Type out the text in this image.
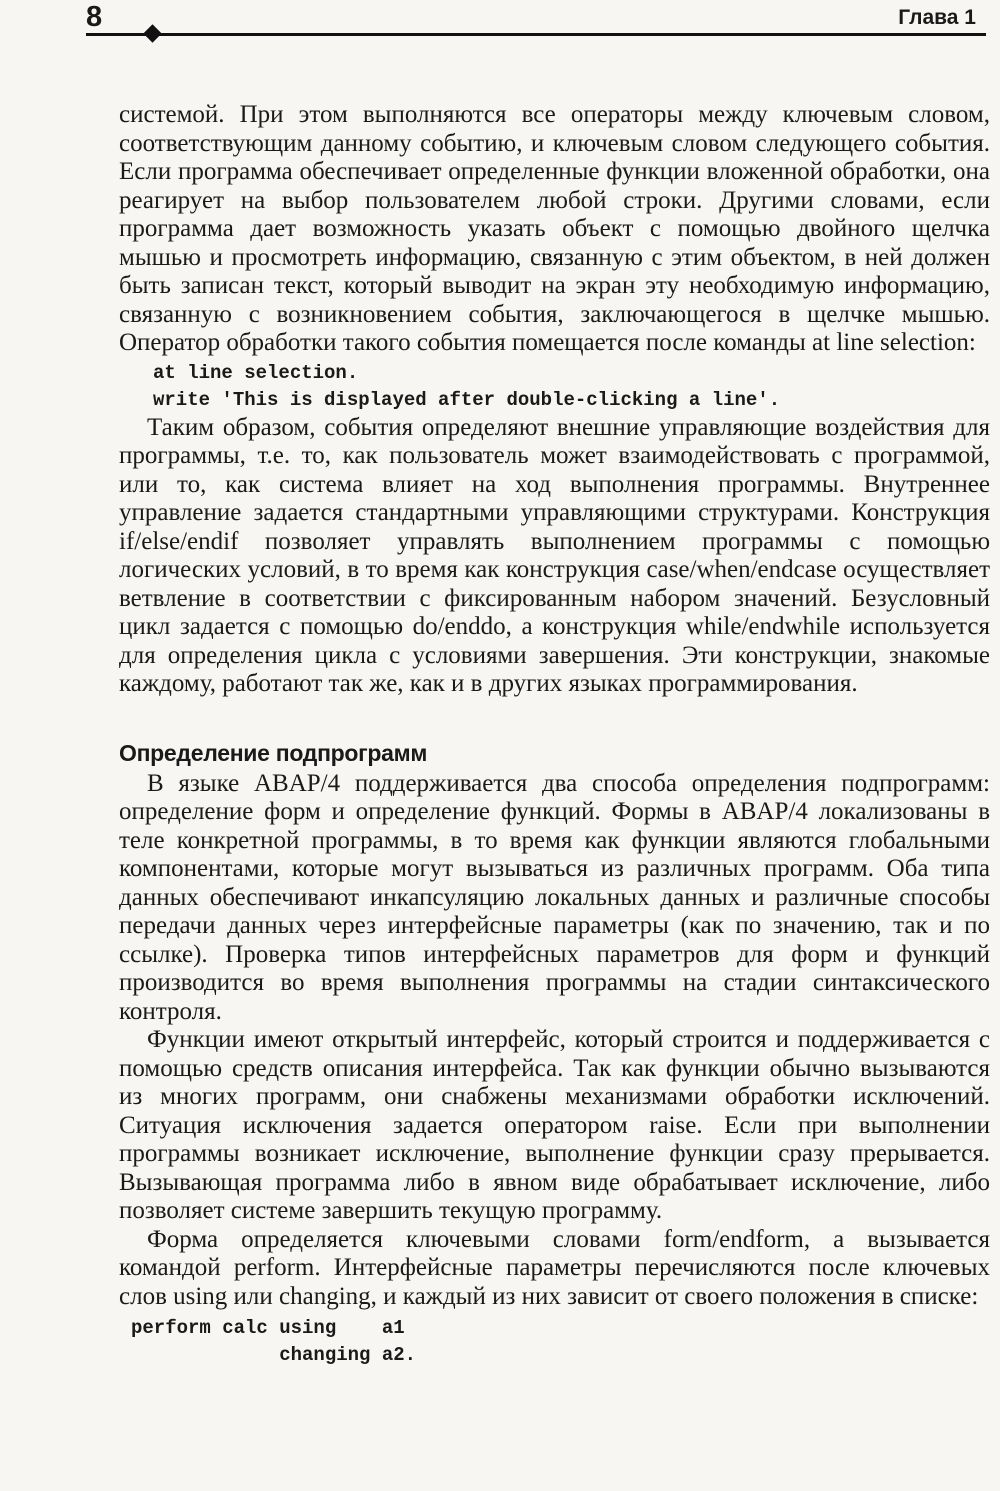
8	Глава 1

системой. При этом выполняются все операторы между ключевым словом, соответствующим данному событию, и ключевым словом следующего события. Если программа обеспечивает определенные функции вложенной обработки, она реагирует на выбор пользователем любой строки. Другими словами, если программа дает возможность указать объект с помощью двойного щелчка мышью и просмотреть информацию, связанную с этим объектом, в ней должен быть записан текст, который выводит на экран эту необходимую информацию, связанную с возникновением события, заключающегося в щелчке мышью. Оператор обработки такого события помещается после команды at line selection:

at line selection.
write 'This is displayed after double-clicking a line'.

Таким образом, события определяют внешние управляющие воздействия для программы, т.е. то, как пользователь может взаимодействовать с программой, или то, как система влияет на ход выполнения программы. Внутреннее управление задается стандартными управляющими структурами. Конструкция if/else/endif позволяет управлять выполнением программы с помощью логических условий, в то время как конструкция case/when/endcase осуществляет ветвление в соответствии с фиксированным набором значений. Безусловный цикл задается с помощью do/enddo, а конструкция while/endwhile используется для определения цикла с условиями завершения. Эти конструкции, знакомые каждому, работают так же, как и в других языках программирования.

Определение подпрограмм

В языке ABAP/4 поддерживается два способа определения подпрограмм: определение форм и определение функций. Формы в ABAP/4 локализованы в теле конкретной программы, в то время как функции являются глобальными компонентами, которые могут вызываться из различных программ. Оба типа данных обеспечивают инкапсуляцию локальных данных и различные способы передачи данных через интерфейсные параметры (как по значению, так и по ссылке). Проверка типов интерфейсных параметров для форм и функций производится во время выполнения программы на стадии синтаксического контроля.

Функции имеют открытый интерфейс, который строится и поддерживается с помощью средств описания интерфейса. Так как функции обычно вызываются из многих программ, они снабжены механизмами обработки исключений. Ситуация исключения задается оператором raise. Если при выполнении программы возникает исключение, выполнение функции сразу прерывается. Вызывающая программа либо в явном виде обрабатывает исключение, либо позволяет системе завершить текущую программу.

Форма определяется ключевыми словами form/endform, а вызывается командой perform. Интерфейсные параметры перечисляются после ключевых слов using или changing, и каждый из них зависит от своего положения в списке:

perform calc using    a1
changing a2.
